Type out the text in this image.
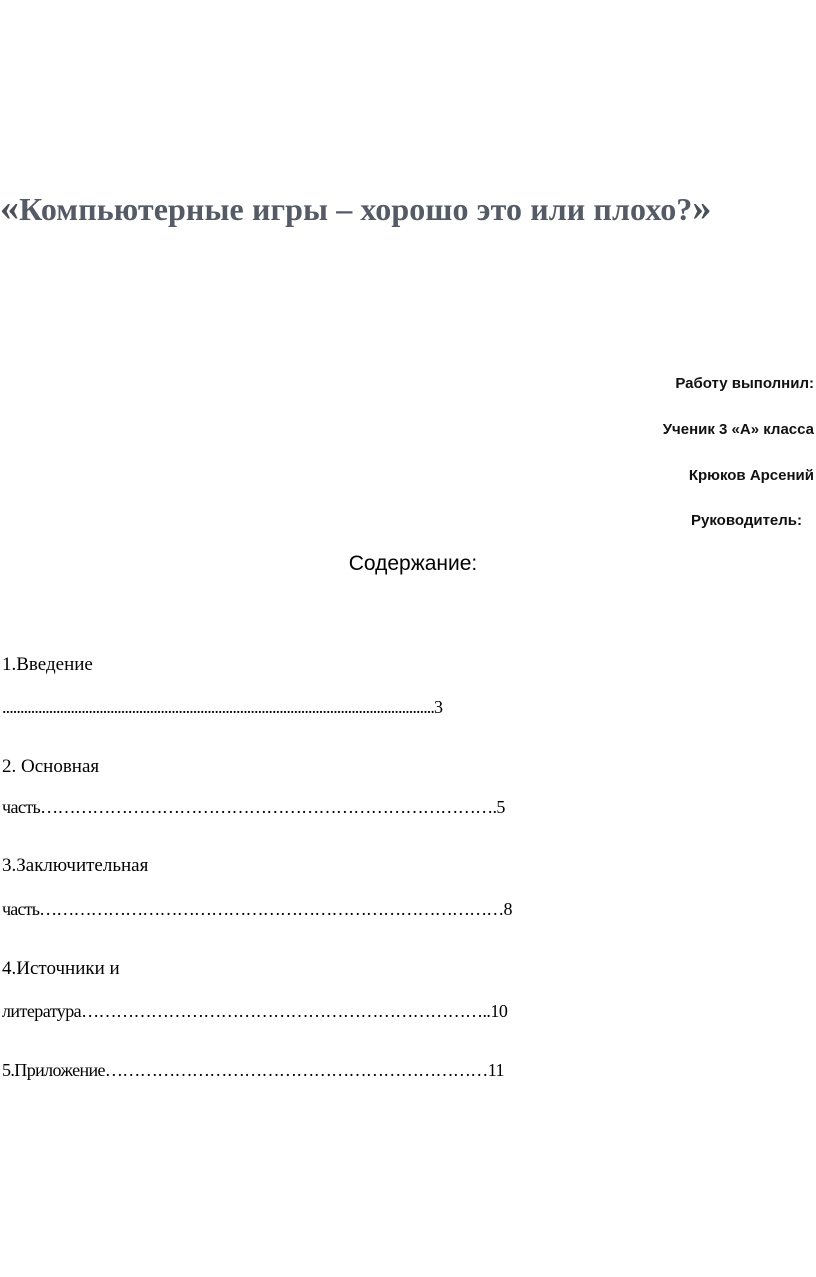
«Компьютерные игры – хорошо это или плохо?»
Работу выполнил:
Ученик 3 «А» класса
Крюков Арсений
Руководитель:
Содержание:
1.Введение
........................................................................................................................3
2. Основная
часть…………………………………………………………………….5
3.Заключительная
часть………………………………………………………………………8
4.Источники и
литература……………………………………………………………..10
5.Приложение…………………………………………………………11
